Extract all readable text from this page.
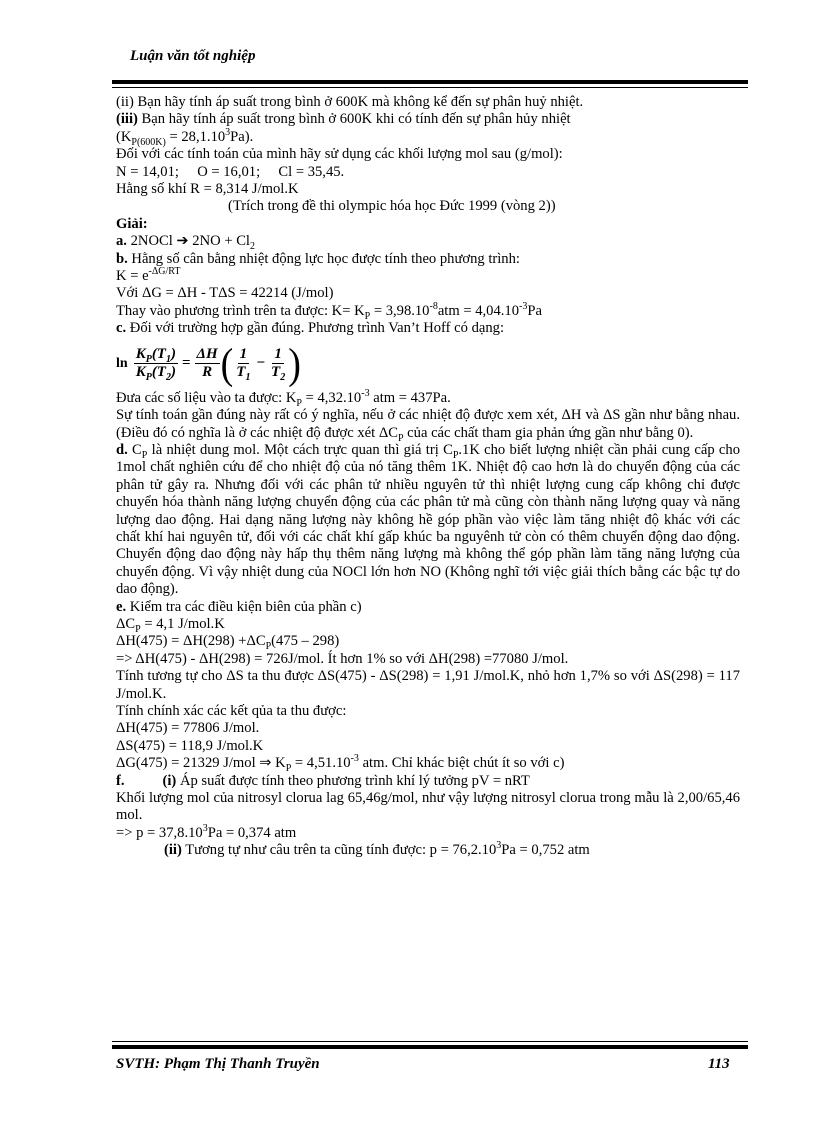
Luận văn tốt nghiệp

(ii) Bạn hãy tính áp suất trong bình ở 600K mà không kể đến sự phân huỷ nhiệt.

(iii) Bạn hãy tính áp suất trong bình ở 600K khi có tính đến sự phân hủy nhiệt

$(K_{P(600K)} = 28,1.10^3Pa)$.

Đối với các tính toán của mình hãy sử dụng các khối lượng mol sau (g/mol):

N = 14,01;     O = 16,01;     Cl = 35,45.

Hằng số khí R = 8,314 J/mol.K

(Trích trong đề thi olympic hóa học Đức 1999 (vòng 2))

Giải:

a. 2NOCl ➔ $2NO + Cl_2$

b. Hằng số cân bằng nhiệt động lực học được tính theo phương trình:

$K = e^{-\Delta G/RT}$

Với ΔG = ΔH - TΔS = 42214 (J/mol)

Thay vào phương trình trên ta được: $K= K_P = 3,98.10^{-8}atm = 4,04.10^{-3}Pa$

c. Đối với trường hợp gần đúng. Phương trình Van’t Hoff có dạng:

$\ln \frac{K_P(T_1)}{K_P(T_2)} = \frac{\Delta H}{R}$ ( $\frac{1}{T_1} - \frac{1}{T_2}$ )

Đưa các số liệu vào ta được: $K_P = 4,32.10^{-3}$ atm = 437Pa.

Sự tính toán gần đúng này rất có ý nghĩa, nếu ở các nhiệt độ được xem xét, ΔH và ΔS gần như bằng nhau. (Điều đó có nghĩa là ở các nhiệt độ được xét $\Delta C_P$ của các chất tham gia phản ứng gần như bằng 0).

d. $C_P$ là nhiệt dung mol. Một cách trực quan thì giá trị $C_P.1K$ cho biết lượng nhiệt cần phải cung cấp cho 1mol chất nghiên cứu để cho nhiệt độ của nó tăng thêm 1K. Nhiệt độ cao hơn là do chuyển động của các phân tử gây ra. Nhưng đối với các phân tử nhiều nguyên tử thì nhiệt lượng cung cấp không chỉ được chuyển hóa thành năng lượng chuyển động của các phân tử mà cũng còn thành năng lượng quay và năng lượng dao động. Hai dạng năng lượng này không hề góp phần vào việc làm tăng nhiệt độ khác với các chất khí hai nguyên tử, đối với các chất khí gấp khúc ba nguyênh tử còn có thêm chuyển động dao động. Chuyển động dao động này hấp thụ thêm năng lượng mà không thể góp phần làm tăng năng lượng của chuyển động. Vì vậy nhiệt dung của NOCl lớn hơn NO (Không nghĩ tới việc giải thích bằng các bậc tự do dao động).

e. Kiểm tra các điều kiện biên của phần c)

$\Delta C_P = 4,1$ J/mol.K

$\Delta H(475) = \Delta H(298) +\Delta C_P(475 - 298)$

=> ΔH(475) - ΔH(298) = 726J/mol. Ít hơn 1% so với ΔH(298) =77080 J/mol.

Tính tương tự cho ΔS ta thu được ΔS(475) - ΔS(298) = 1,91 J/mol.K, nhỏ hơn 1,7% so với ΔS(298) = 117 J/mol.K.

Tính chính xác các kết qủa ta thu được:

ΔH(475) = 77806 J/mol.

ΔS(475) = 118,9 J/mol.K

ΔG(475) = 21329 J/mol ⇒ $K_P = 4,51.10^{-3}$ atm. Chỉ khác biệt chút ít so với c)

f.	(i) Áp suất được tính theo phương trình khí lý tưởng pV = nRT

Khối lượng mol của nitrosyl clorua lag 65,46g/mol, như vậy lượng nitrosyl clorua trong mẫu là 2,00/65,46 mol.

=> $p = 37,8.10^3Pa = 0,374$ atm

(ii) Tương tự như câu trên ta cũng tính được: $p = 76,2.10^3Pa = 0,752$ atm

SVTH: Phạm Thị Thanh Truyền	113
